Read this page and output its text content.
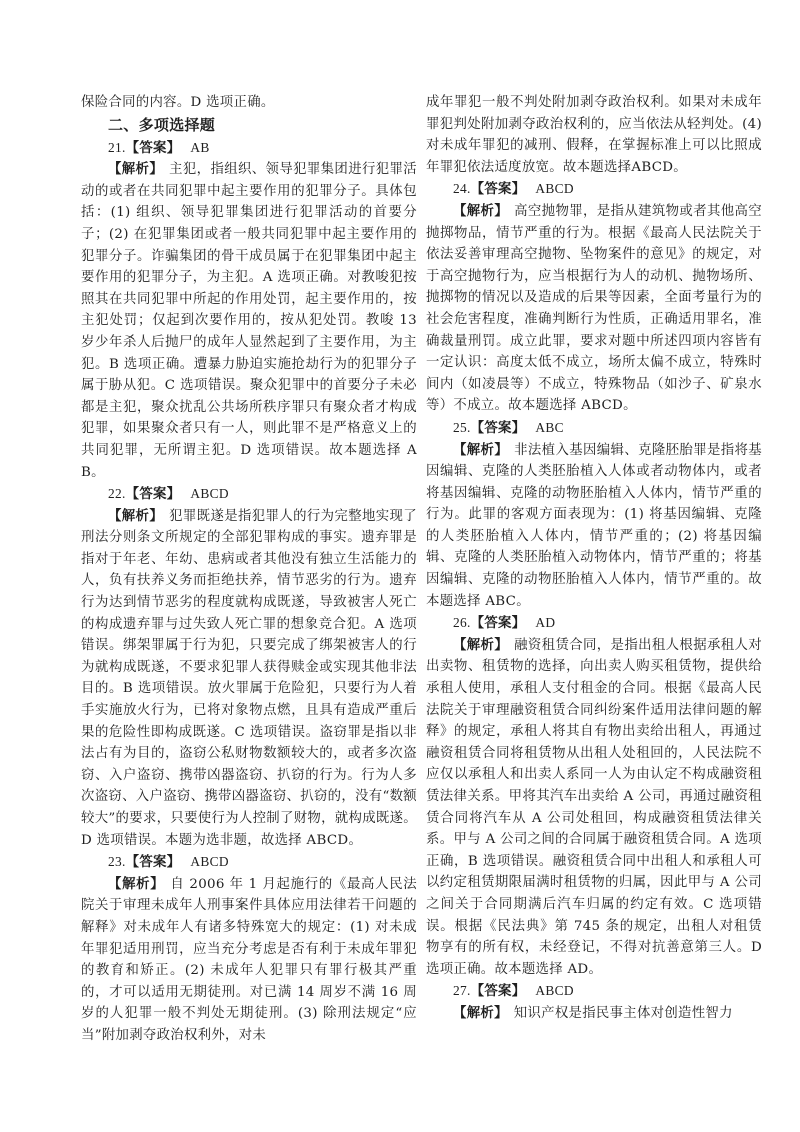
保险合同的内容。D 选项正确。

二、多项选择题

21.【答案】 AB

【解析】 主犯，指组织、领导犯罪集团进行犯罪活动的或者在共同犯罪中起主要作用的犯罪分子。具体包括：(1) 组织、领导犯罪集团进行犯罪活动的首要分子；(2) 在犯罪集团或者一般共同犯罪中起主要作用的犯罪分子。诈骗集团的骨干成员属于在犯罪集团中起主要作用的犯罪分子，为主犯。A 选项正确。对教唆犯按照其在共同犯罪中所起的作用处罚，起主要作用的，按主犯处罚；仅起到次要作用的，按从犯处罚。教唆 13 岁少年杀人后抛尸的成年人显然起到了主要作用，为主犯。B 选项正确。遭暴力胁迫实施抢劫行为的犯罪分子属于胁从犯。C 选项错误。聚众犯罪中的首要分子未必都是主犯，聚众扰乱公共场所秩序罪只有聚众者才构成犯罪，如果聚众者只有一人，则此罪不是严格意义上的共同犯罪，无所谓主犯。D 选项错误。故本题选择 AB。

22.【答案】 ABCD

【解析】 犯罪既遂是指犯罪人的行为完整地实现了刑法分则条文所规定的全部犯罪构成的事实。遗弃罪是指对于年老、年幼、患病或者其他没有独立生活能力的人，负有扶养义务而拒绝扶养，情节恶劣的行为。遗弃行为达到情节恶劣的程度就构成既遂，导致被害人死亡的构成遗弃罪与过失致人死亡罪的想象竞合犯。A 选项错误。绑架罪属于行为犯，只要完成了绑架被害人的行为就构成既遂，不要求犯罪人获得赎金或实现其他非法目的。B 选项错误。放火罪属于危险犯，只要行为人着手实施放火行为，已将对象物点燃，且具有造成严重后果的危险性即构成既遂。C 选项错误。盗窃罪是指以非法占有为目的，盗窃公私财物数额较大的，或者多次盗窃、入户盗窃、携带凶器盗窃、扒窃的行为。行为人多次盗窃、入户盗窃、携带凶器盗窃、扒窃的，没有“数额较大”的要求，只要使行为人控制了财物，就构成既遂。D 选项错误。本题为选非题，故选择 ABCD。

23.【答案】 ABCD

【解析】 自 2006 年 1 月起施行的《最高人民法院关于审理未成年人刑事案件具体应用法律若干问题的解释》对未成年人有诸多特殊宽大的规定：(1) 对未成年罪犯适用刑罚，应当充分考虑是否有利于未成年罪犯的教育和矫正。(2) 未成年人犯罪只有罪行极其严重的，才可以适用无期徒刑。对已满 14 周岁不满 16 周岁的人犯罪一般不判处无期徒刑。(3) 除刑法规定“应当”附加剥夺政治权利外，对未

成年罪犯一般不判处附加剥夺政治权利。如果对未成年罪犯判处附加剥夺政治权利的，应当依法从轻判处。(4) 对未成年罪犯的减刑、假释，在掌握标准上可以比照成年罪犯依法适度放宽。故本题选择ABCD。

24.【答案】 ABCD

【解析】 高空抛物罪，是指从建筑物或者其他高空抛掷物品，情节严重的行为。根据《最高人民法院关于依法妥善审理高空抛物、坠物案件的意见》的规定，对于高空抛物行为，应当根据行为人的动机、抛物场所、抛掷物的情况以及造成的后果等因素，全面考量行为的社会危害程度，准确判断行为性质，正确适用罪名，准确裁量刑罚。成立此罪，要求对题中所述四项内容皆有一定认识：高度太低不成立，场所太偏不成立，特殊时间内（如凌晨等）不成立，特殊物品（如沙子、矿泉水等）不成立。故本题选择 ABCD。

25.【答案】 ABC

【解析】 非法植入基因编辑、克隆胚胎罪是指将基因编辑、克隆的人类胚胎植入人体或者动物体内，或者将基因编辑、克隆的动物胚胎植入人体内，情节严重的行为。此罪的客观方面表现为：(1) 将基因编辑、克隆的人类胚胎植入人体内，情节严重的；(2) 将基因编辑、克隆的人类胚胎植入动物体内，情节严重的；将基因编辑、克隆的动物胚胎植入人体内，情节严重的。故本题选择 ABC。

26.【答案】 AD

【解析】 融资租赁合同，是指出租人根据承租人对出卖物、租赁物的选择，向出卖人购买租赁物，提供给承租人使用，承租人支付租金的合同。根据《最高人民法院关于审理融资租赁合同纠纷案件适用法律问题的解释》的规定，承租人将其自有物出卖给出租人，再通过融资租赁合同将租赁物从出租人处租回的，人民法院不应仅以承租人和出卖人系同一人为由认定不构成融资租赁法律关系。甲将其汽车出卖给 A 公司，再通过融资租赁合同将汽车从 A 公司处租回，构成融资租赁法律关系。甲与 A 公司之间的合同属于融资租赁合同。A 选项正确，B 选项错误。融资租赁合同中出租人和承租人可以约定租赁期限届满时租赁物的归属，因此甲与 A 公司之间关于合同期满后汽车归属的约定有效。C 选项错误。根据《民法典》第 745 条的规定，出租人对租赁物享有的所有权，未经登记，不得对抗善意第三人。D 选项正确。故本题选择 AD。

27.【答案】 ABCD

【解析】 知识产权是指民事主体对创造性智力
